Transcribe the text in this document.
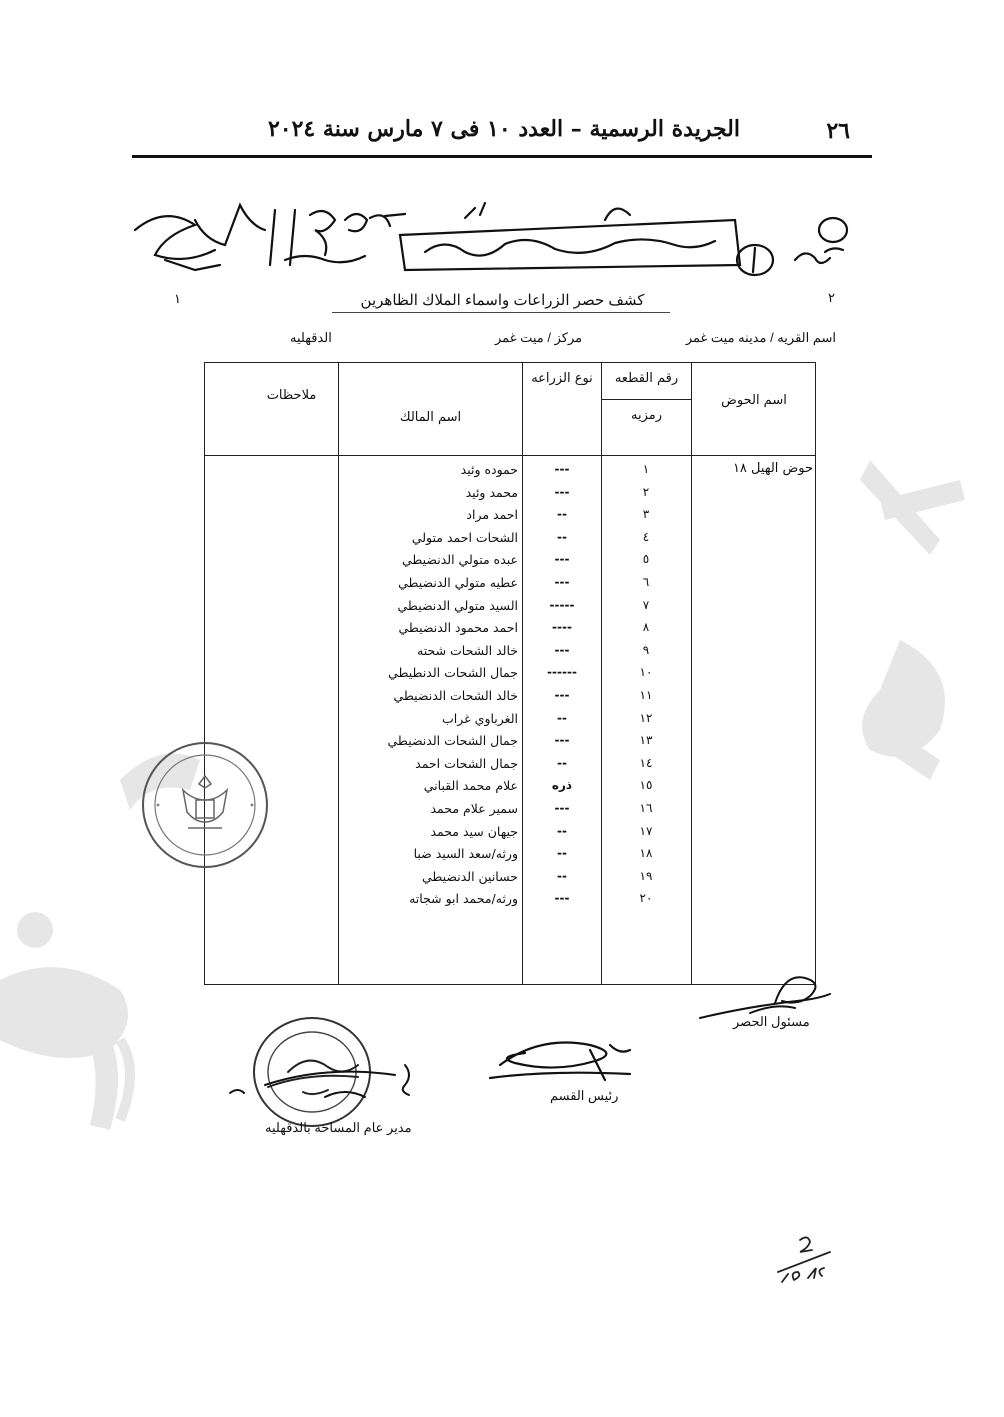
٢٦
الجريدة الرسمية – العدد ١٠ فى ٧ مارس سنة ٢٠٢٤
١	كشف حصر الزراعات واسماء الملاك الظاهرين	٢
اسم القريه / مدينه ميت غمر
مركز / ميت غمر
الدقهليه
اسم الحوض
رقم القطعه
رمزيه
نوع الزراعه
اسم المالك
ملاحظات
حوض الهيل ١٨
١
---
حموده وئيد
٢
---
محمد وئيد
٣
--
احمد مراد
٤
--
الشحات احمد متولي
٥
---
عبده متولي الدنضيطي
٦
---
عطيه متولي الدنضيطي
٧
-----
السيد متولي الدنضيطي
٨
----
احمد محمود الدنضيطي
٩
---
خالد الشحات شحته
١٠
------
جمال الشحات الدنطيطي
١١
---
خالد الشحات الدنضيطي
١٢
--
الغرباوي غراب
١٣
---
جمال الشحات الدنضيطي
١٤
--
جمال الشحات احمد
١٥
ذره
علام محمد القباني
١٦
---
سمير علام محمد
١٧
--
جيهان سيد محمد
١٨
--
ورثه/سعد السيد ضبا
١٩
--
حسانين الدنضيطي
٢٠
---
ورثه/محمد ابو شجاته
مسئول الحصر
رئيس القسم
مدير عام المساحه بالدقهليه
